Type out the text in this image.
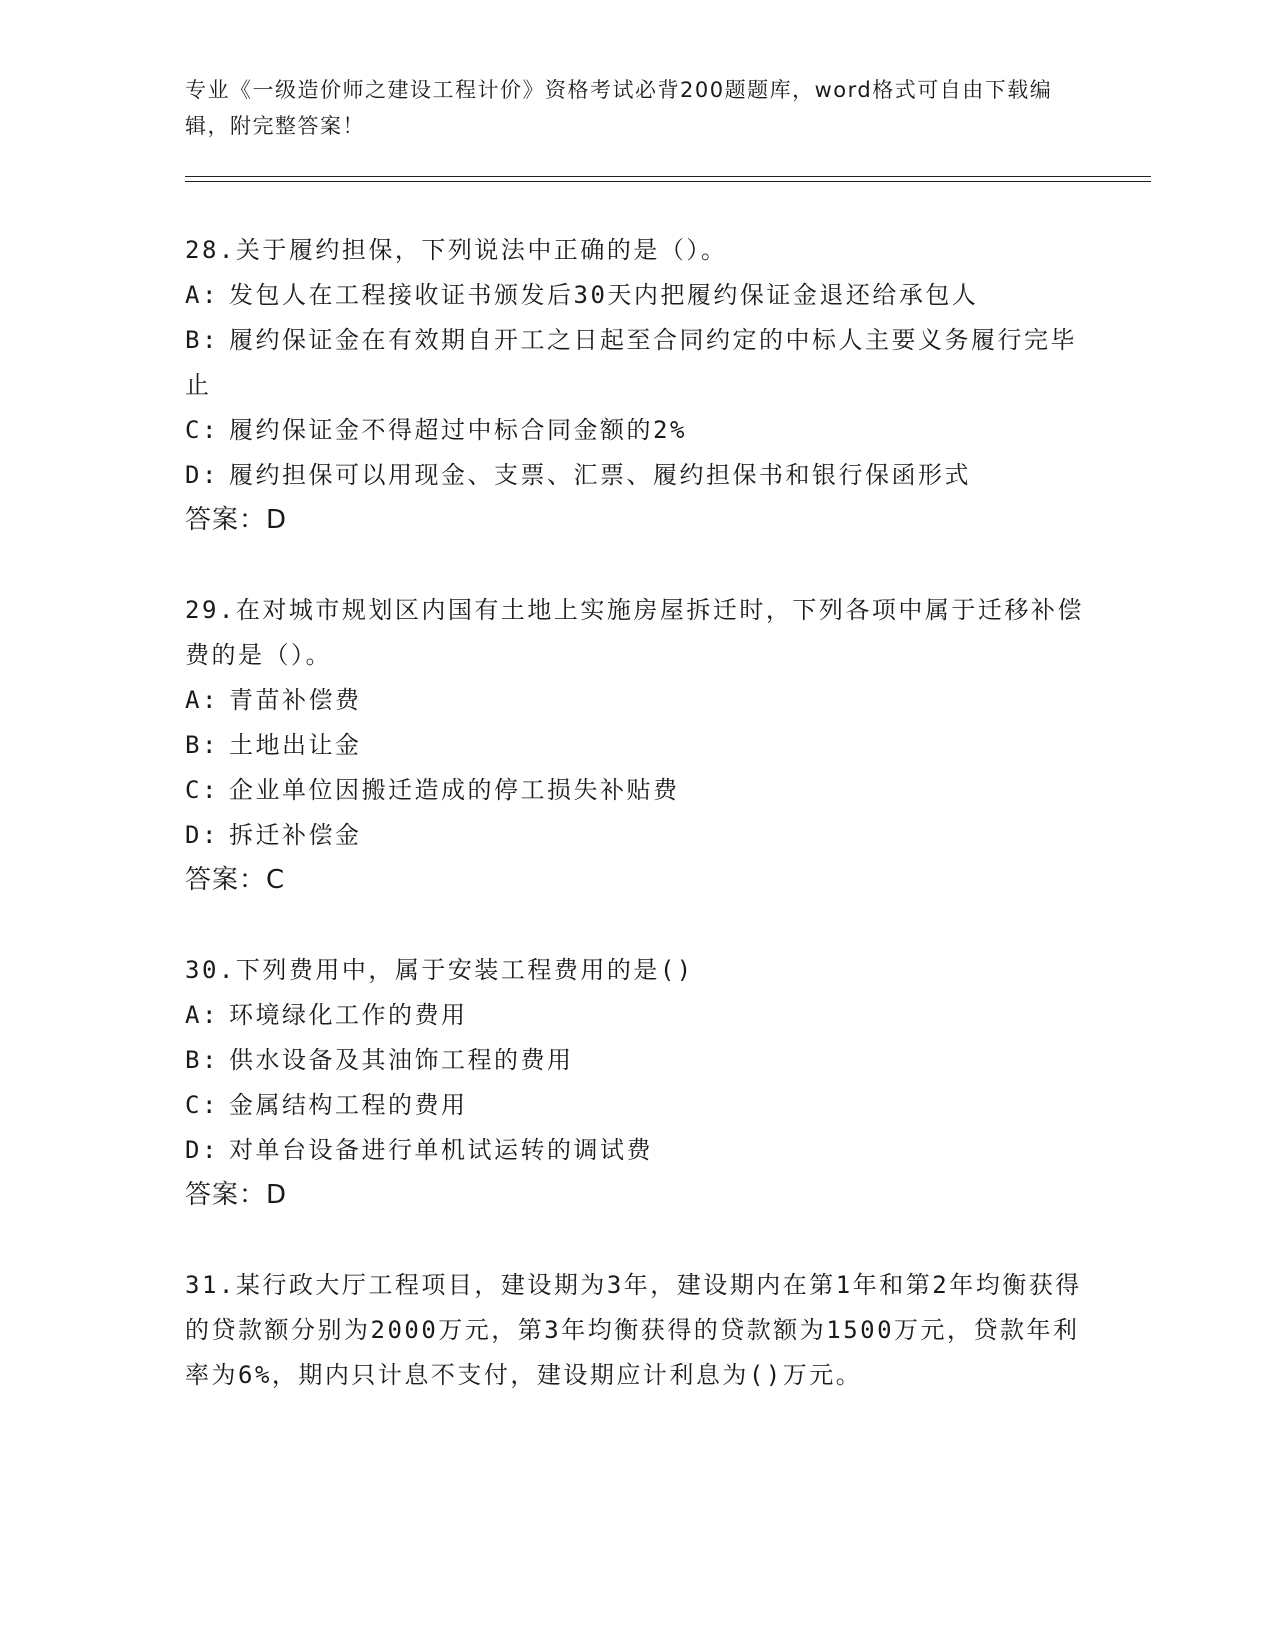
专业《一级造价师之建设工程计价》资格考试必背200题题库，word格式可自由下载编辑，附完整答案！
28.关于履约担保，下列说法中正确的是（）。
A: 发包人在工程接收证书颁发后30天内把履约保证金退还给承包人
B: 履约保证金在有效期自开工之日起至合同约定的中标人主要义务履行完毕止
C: 履约保证金不得超过中标合同金额的2%
D: 履约担保可以用现金、支票、汇票、履约担保书和银行保函形式
答案：D
29.在对城市规划区内国有土地上实施房屋拆迁时，下列各项中属于迁移补偿费的是（）。
A: 青苗补偿费
B: 土地出让金
C: 企业单位因搬迁造成的停工损失补贴费
D: 拆迁补偿金
答案：C
30.下列费用中，属于安装工程费用的是()
A: 环境绿化工作的费用
B: 供水设备及其油饰工程的费用
C: 金属结构工程的费用
D: 对单台设备进行单机试运转的调试费
答案：D
31.某行政大厅工程项目，建设期为3年，建设期内在第1年和第2年均衡获得的贷款额分别为2000万元，第3年均衡获得的贷款额为1500万元，贷款年利率为6%，期内只计息不支付，建设期应计利息为()万元。
